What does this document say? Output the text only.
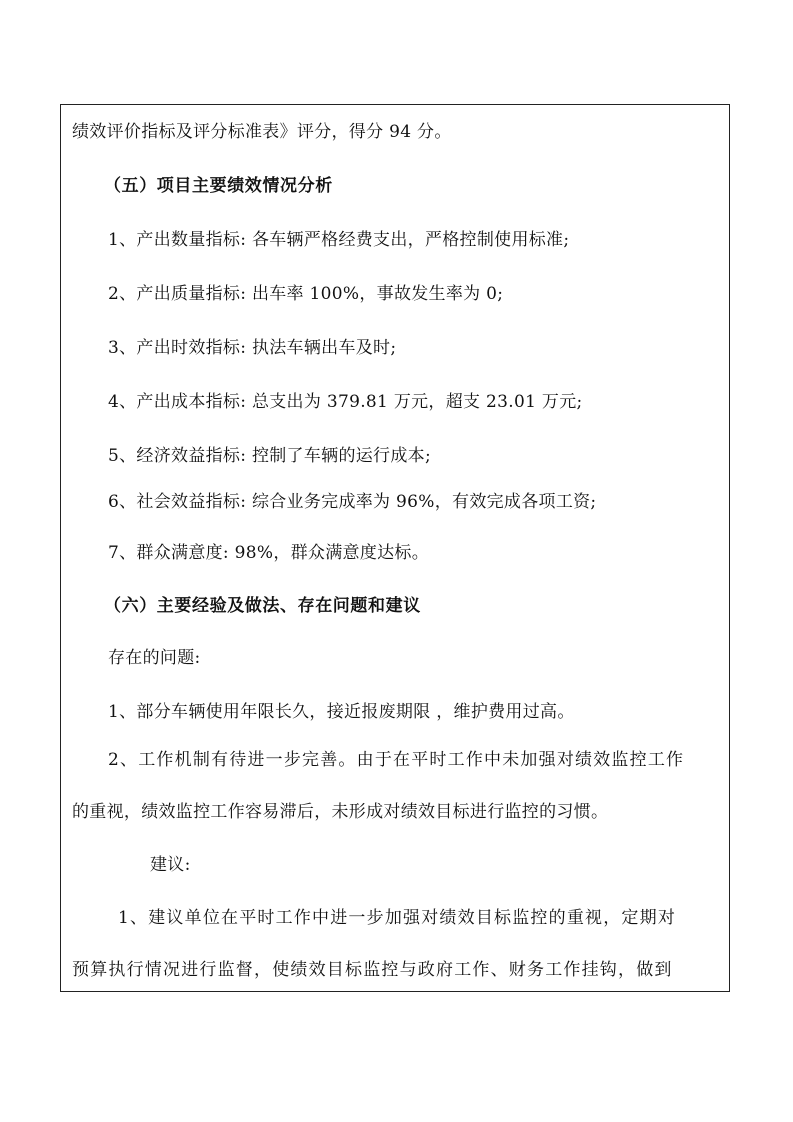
绩效评价指标及评分标准表》评分，得分 94 分。
（五）项目主要绩效情况分析
1、产出数量指标: 各车辆严格经费支出，严格控制使用标准;
2、产出质量指标: 出车率 100%，事故发生率为 0;
3、产出时效指标: 执法车辆出车及时;
4、产出成本指标: 总支出为 379.81 万元，超支 23.01 万元;
5、经济效益指标: 控制了车辆的运行成本;
6、社会效益指标: 综合业务完成率为 96%，有效完成各项工资;
7、群众满意度: 98%，群众满意度达标。
（六）主要经验及做法、存在问题和建议
存在的问题:
1、部分车辆使用年限长久，接近报废期限 ，维护费用过高。
2、工作机制有待进一步完善。由于在平时工作中未加强对绩效监控工作
的重视，绩效监控工作容易滞后，未形成对绩效目标进行监控的习惯。
建议:
1、建议单位在平时工作中进一步加强对绩效目标监控的重视，定期对
预算执行情况进行监督，使绩效目标监控与政府工作、财务工作挂钩，做到
